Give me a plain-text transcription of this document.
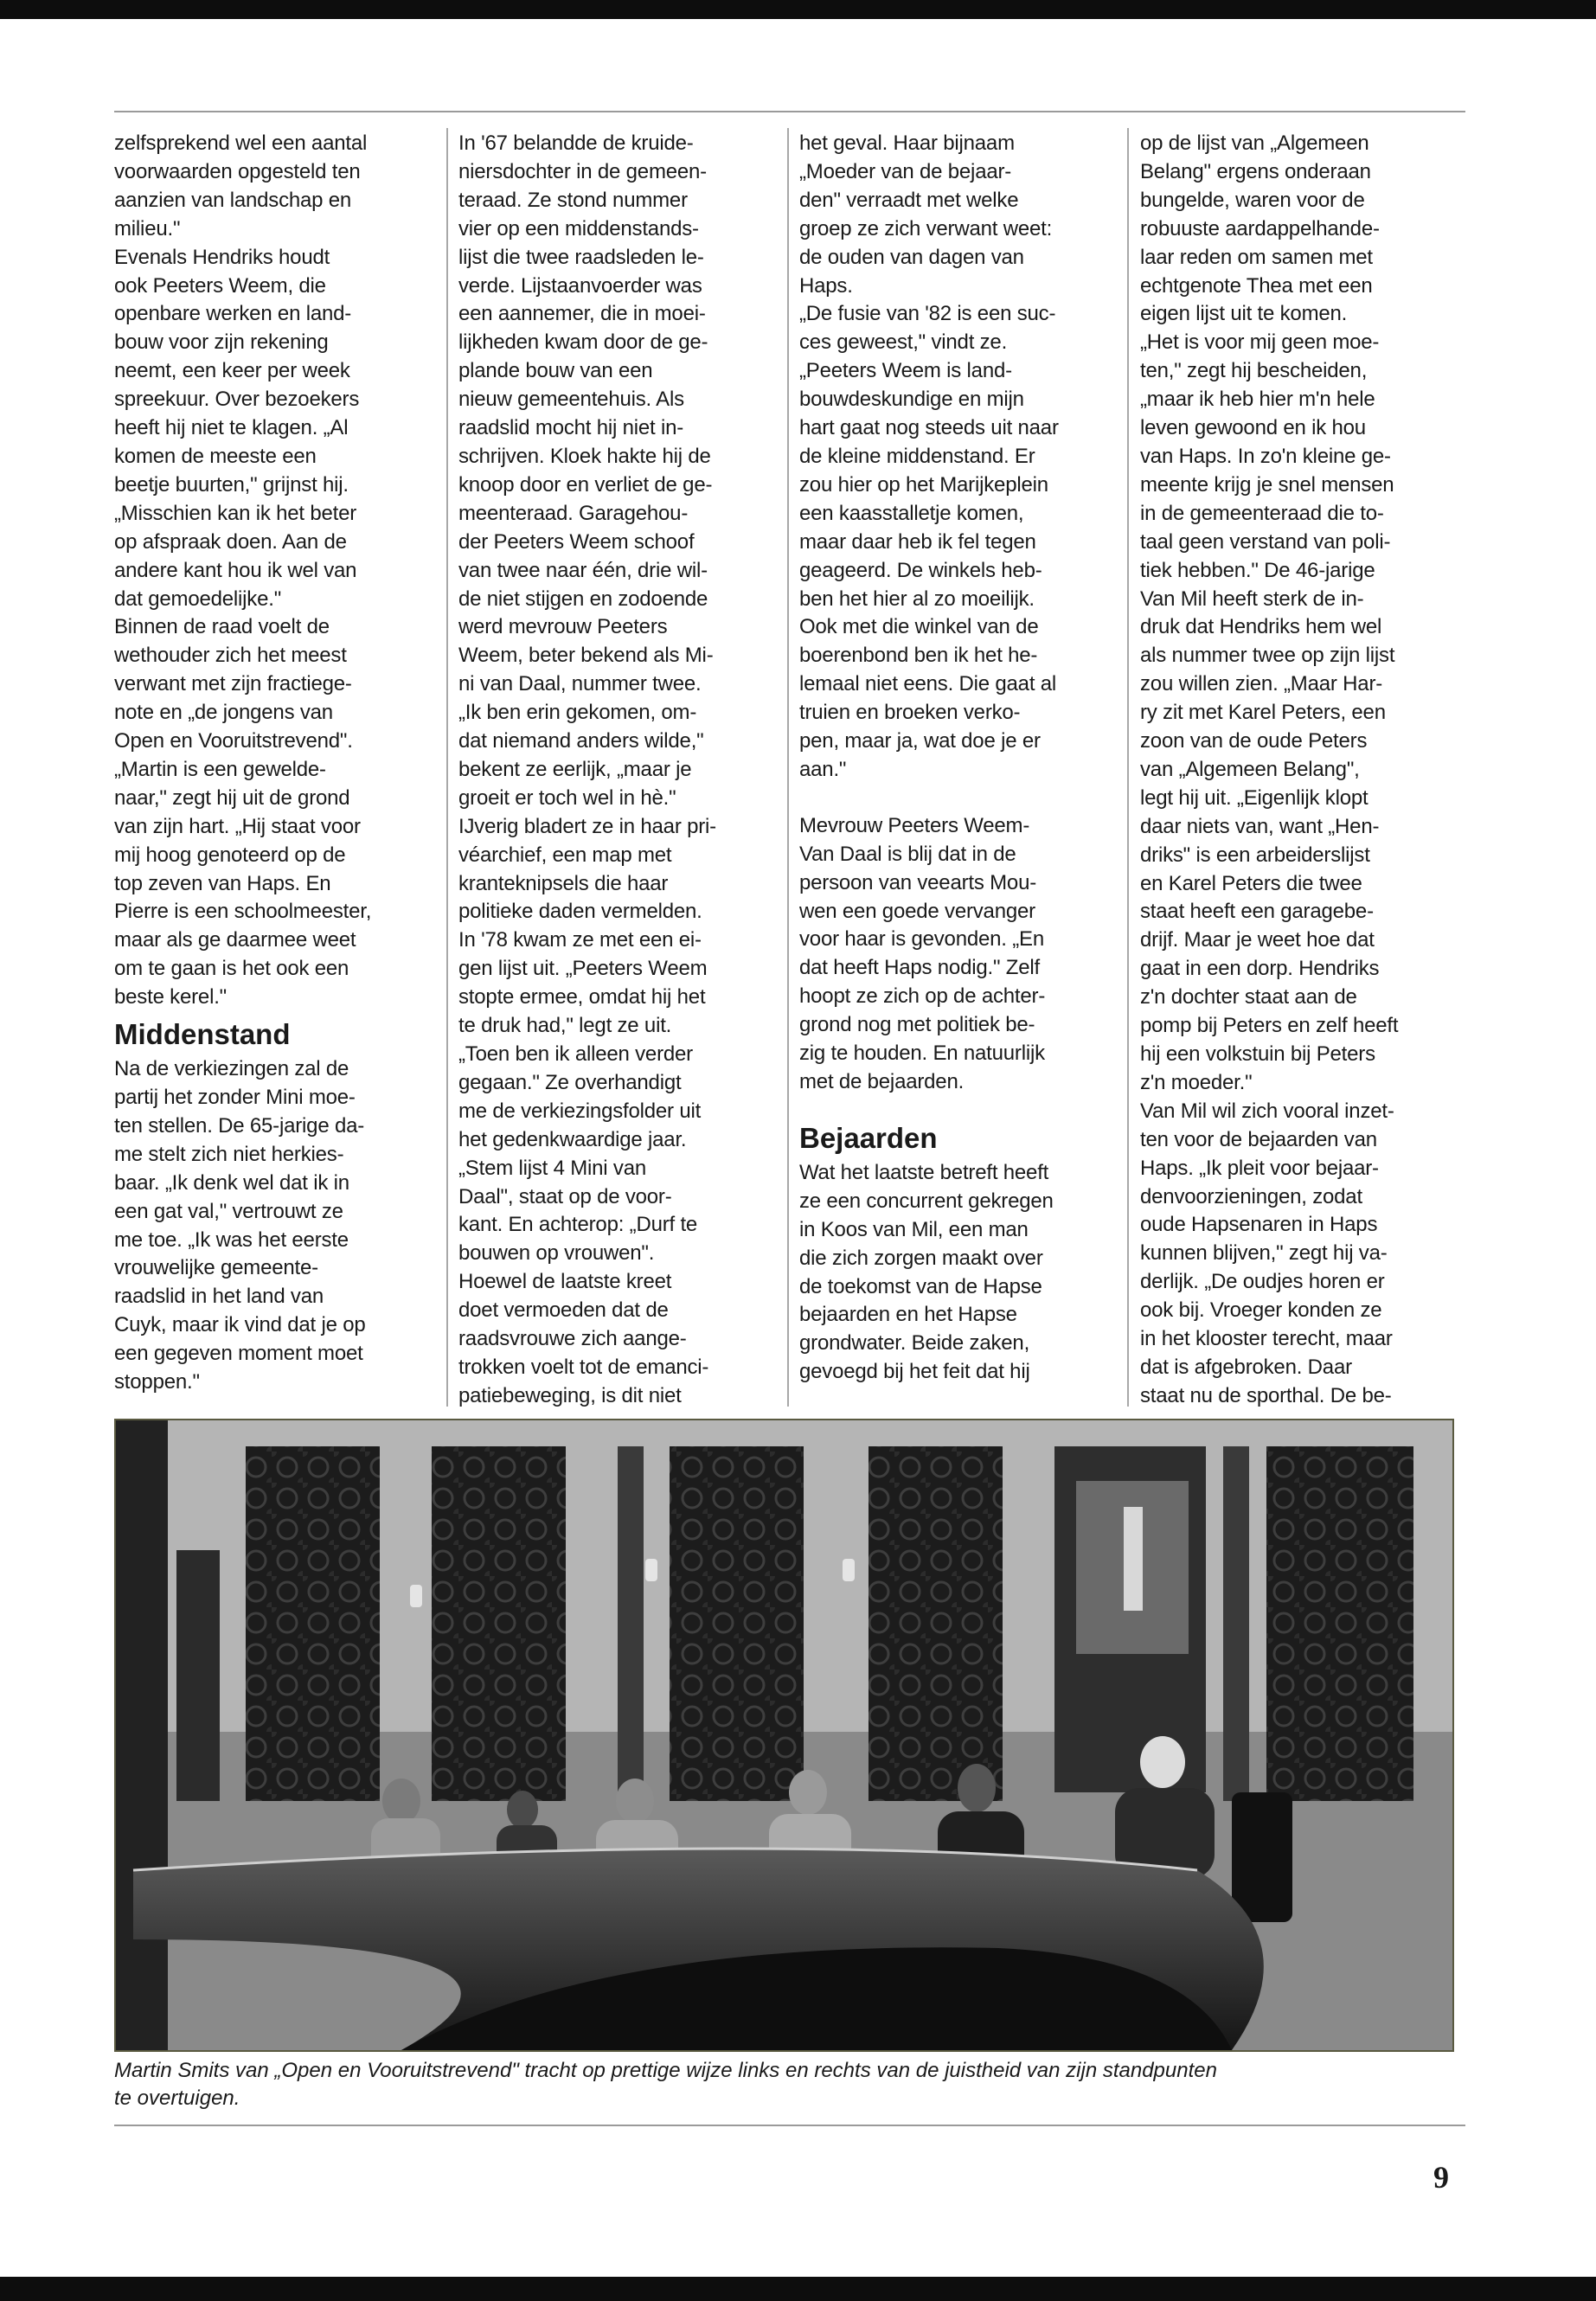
zelfsprekend wel een aantal
voorwaarden opgesteld ten
aanzien van landschap en
milieu."

Evenals Hendriks houdt
ook Peeters Weem, die
openbare werken en land-
bouw voor zijn rekening
neemt, een keer per week
spreekuur. Over bezoekers
heeft hij niet te klagen. „Al
komen de meeste een
beetje buurten," grijnst hij.
„Misschien kan ik het beter
op afspraak doen. Aan de
andere kant hou ik wel van
dat gemoedelijke."

Binnen de raad voelt de
wethouder zich het meest
verwant met zijn fractiege-
note en „de jongens van
Open en Vooruitstrevend".
„Martin is een gewelde-
naar," zegt hij uit de grond
van zijn hart. „Hij staat voor
mij hoog genoteerd op de
top zeven van Haps. En
Pierre is een schoolmeester,
maar als ge daarmee weet
om te gaan is het ook een
beste kerel."

Middenstand

Na de verkiezingen zal de
partij het zonder Mini moe-
ten stellen. De 65-jarige da-
me stelt zich niet herkies-
baar. „Ik denk wel dat ik in
een gat val," vertrouwt ze
me toe. „Ik was het eerste
vrouwelijke gemeente-
raadslid in het land van
Cuyk, maar ik vind dat je op
een gegeven moment moet
stoppen."

In '67 belandde de kruide-
niersdochter in de gemeen-
teraad. Ze stond nummer
vier op een middenstands-
lijst die twee raadsleden le-
verde. Lijstaanvoerder was
een aannemer, die in moei-
lijkheden kwam door de ge-
plande bouw van een
nieuw gemeentehuis. Als
raadslid mocht hij niet in-
schrijven. Kloek hakte hij de
knoop door en verliet de ge-
meenteraad. Garagehou-
der Peeters Weem schoof
van twee naar één, drie wil-
de niet stijgen en zodoende
werd mevrouw Peeters
Weem, beter bekend als Mi-
ni van Daal, nummer twee.
„Ik ben erin gekomen, om-
dat niemand anders wilde,"
bekent ze eerlijk, „maar je
groeit er toch wel in hè."
IJverig bladert ze in haar pri-
véarchief, een map met
kranteknipsels die haar
politieke daden vermelden.
In '78 kwam ze met een ei-
gen lijst uit. „Peeters Weem
stopte ermee, omdat hij het
te druk had," legt ze uit.
„Toen ben ik alleen verder
gegaan." Ze overhandigt
me de verkiezingsfolder uit
het gedenkwaardige jaar.
„Stem lijst 4 Mini van
Daal", staat op de voor-
kant. En achterop: „Durf te
bouwen op vrouwen".
Hoewel de laatste kreet
doet vermoeden dat de
raadsvrouwe zich aange-
trokken voelt tot de emanci-
patiebeweging, is dit niet

het geval. Haar bijnaam
„Moeder van de bejaar-
den" verraadt met welke
groep ze zich verwant weet:
de ouden van dagen van
Haps.

„De fusie van '82 is een suc-
ces geweest," vindt ze.
„Peeters Weem is land-
bouwdeskundige en mijn
hart gaat nog steeds uit naar
de kleine middenstand. Er
zou hier op het Marijkeplein
een kaasstalletje komen,
maar daar heb ik fel tegen
geageerd. De winkels heb-
ben het hier al zo moeilijk.
Ook met die winkel van de
boerenbond ben ik het he-
lemaal niet eens. Die gaat al
truien en broeken verko-
pen, maar ja, wat doe je er
aan."

Mevrouw Peeters Weem-
Van Daal is blij dat in de
persoon van veearts Mou-
wen een goede vervanger
voor haar is gevonden. „En
dat heeft Haps nodig." Zelf
hoopt ze zich op de achter-
grond nog met politiek be-
zig te houden. En natuurlijk
met de bejaarden.

Bejaarden

Wat het laatste betreft heeft
ze een concurrent gekregen
in Koos van Mil, een man
die zich zorgen maakt over
de toekomst van de Hapse
bejaarden en het Hapse
grondwater. Beide zaken,
gevoegd bij het feit dat hij

op de lijst van „Algemeen
Belang" ergens onderaan
bungelde, waren voor de
robuuste aardappelhande-
laar reden om samen met
echtgenote Thea met een
eigen lijst uit te komen.
„Het is voor mij geen moe-
ten," zegt hij bescheiden,
„maar ik heb hier m'n hele
leven gewoond en ik hou
van Haps. In zo'n kleine ge-
meente krijg je snel mensen
in de gemeenteraad die to-
taal geen verstand van poli-
tiek hebben." De 46-jarige
Van Mil heeft sterk de in-
druk dat Hendriks hem wel
als nummer twee op zijn lijst
zou willen zien. „Maar Har-
ry zit met Karel Peters, een
zoon van de oude Peters
van „Algemeen Belang",
legt hij uit. „Eigenlijk klopt
daar niets van, want „Hen-
driks" is een arbeiderslijst
en Karel Peters die twee
staat heeft een garagebe-
drijf. Maar je weet hoe dat
gaat in een dorp. Hendriks
z'n dochter staat aan de
pomp bij Peters en zelf heeft
hij een volkstuin bij Peters
z'n moeder."

Van Mil wil zich vooral inzet-
ten voor de bejaarden van
Haps. „Ik pleit voor bejaar-
denvoorzieningen, zodat
oude Hapsenaren in Haps
kunnen blijven," zegt hij va-
derlijk. „De oudjes horen er
ook bij. Vroeger konden ze
in het klooster terecht, maar
dat is afgebroken. Daar
staat nu de sporthal. De be-

Martin Smits van „Open en Vooruitstrevend" tracht op prettige wijze links en rechts van de juistheid van zijn standpunten
te overtuigen.
9
